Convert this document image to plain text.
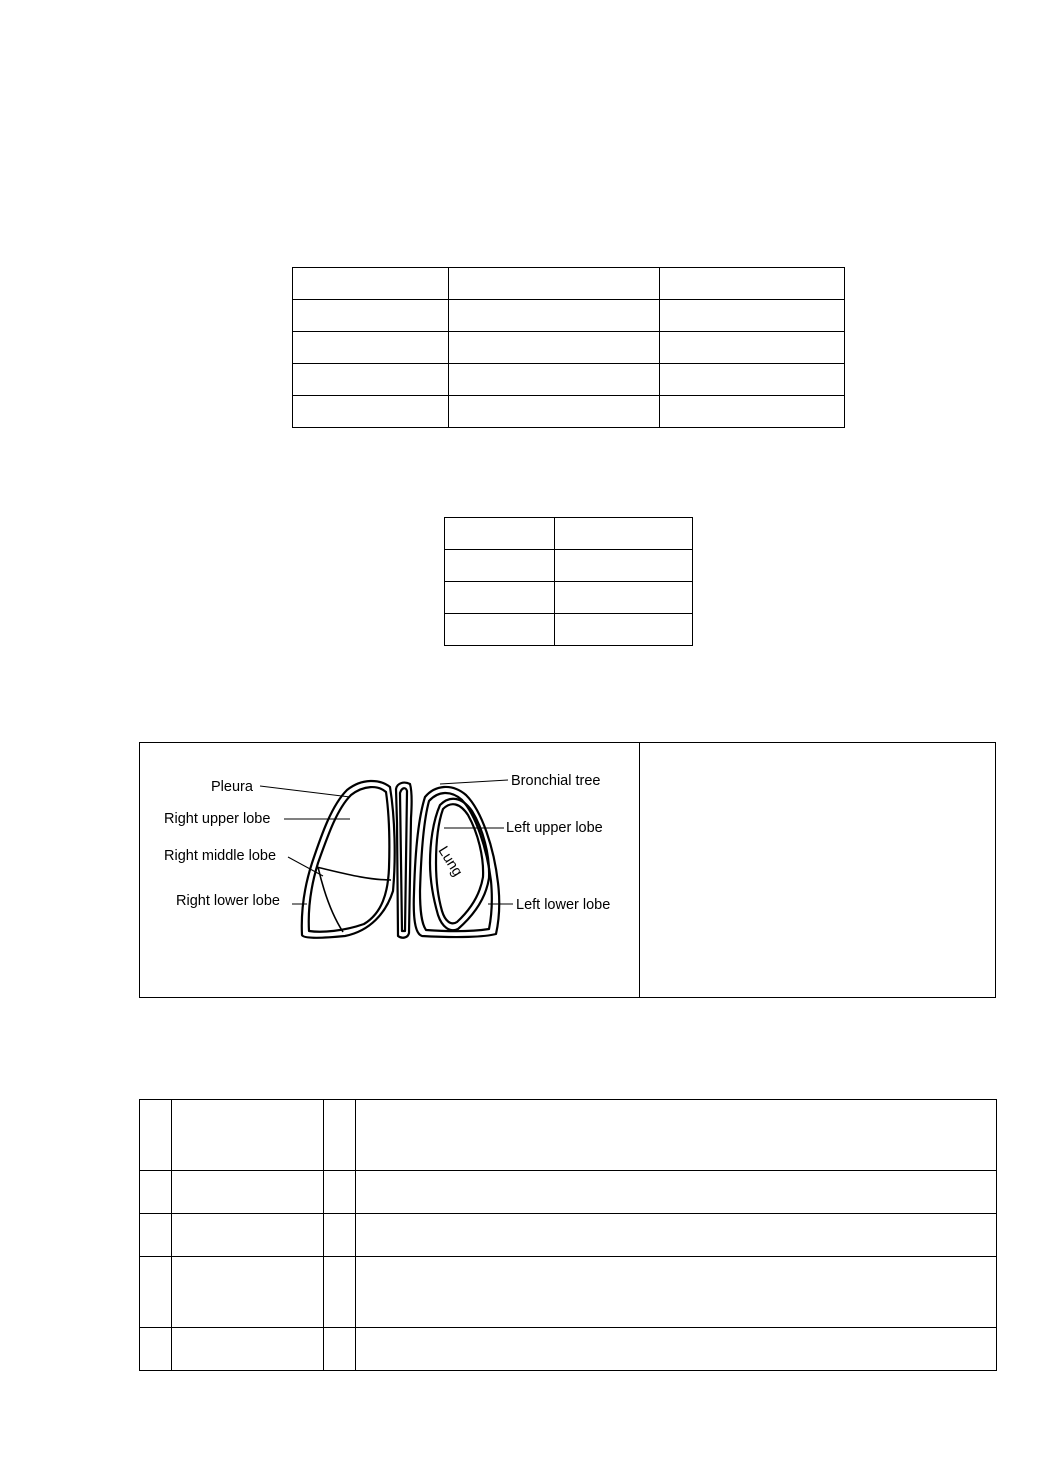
Pleura
Right upper lobe
Right middle lobe
Right lower lobe
Bronchial tree
Left upper lobe
Left lower lobe
Lung
